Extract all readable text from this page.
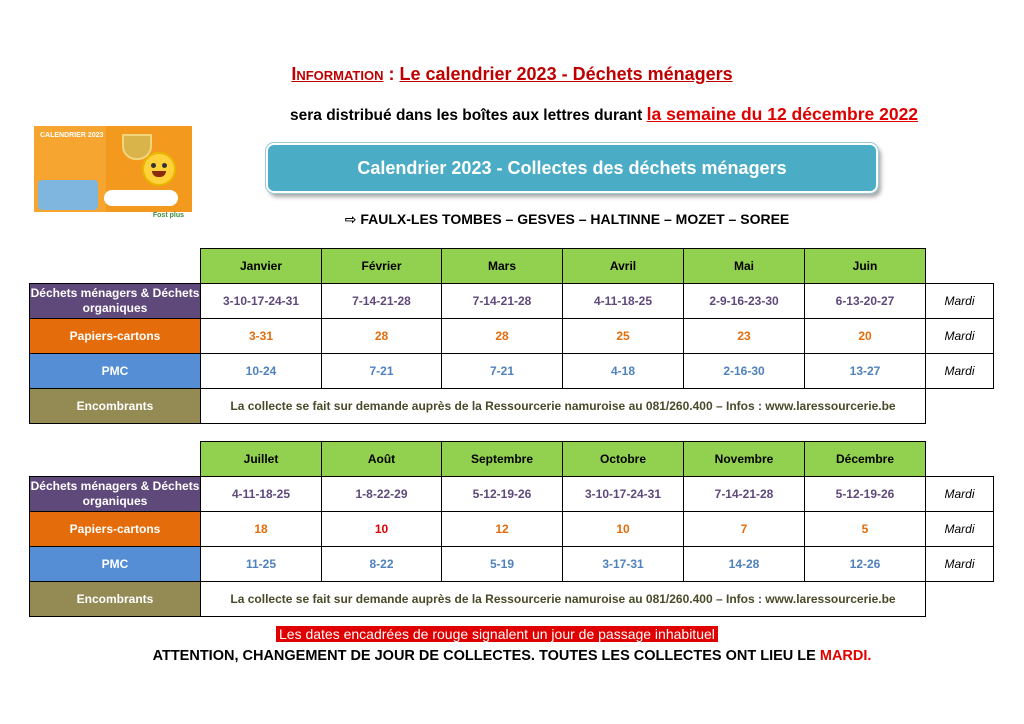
Information : Le calendrier 2023 - Déchets ménagers
sera distribué dans les boîtes aux lettres durant la semaine du 12 décembre 2022
CALENDRIER 2023
Fost plus
Calendrier 2023 - Collectes des déchets ménagers
⇨ FAULX-LES TOMBES – GESVES – HALTINNE – MOZET – SOREE
	Janvier	Février	Mars	Avril	Mai	Juin	
Déchets ménagers & Déchets organiques	3-10-17-24-31	7-14-21-28	7-14-21-28	4-11-18-25	2-9-16-23-30	6-13-20-27	Mardi
Papiers-cartons	3-31	28	28	25	23	20	Mardi
PMC	10-24	7-21	7-21	4-18	2-16-30	13-27	Mardi
Encombrants	La collecte se fait sur demande auprès de la Ressourcerie namuroise au 081/260.400 – Infos : www.laressourcerie.be						
	Juillet	Août	Septembre	Octobre	Novembre	Décembre	
Déchets ménagers & Déchets organiques	4-11-18-25	1-8-22-29	5-12-19-26	3-10-17-24-31	7-14-21-28	5-12-19-26	Mardi
Papiers-cartons	18	10	12	10	7	5	Mardi
PMC	11-25	8-22	5-19	3-17-31	14-28	12-26	Mardi
Encombrants	La collecte se fait sur demande auprès de la Ressourcerie namuroise au 081/260.400 – Infos : www.laressourcerie.be						
Les dates encadrées de rouge signalent un jour de passage inhabituel
ATTENTION, CHANGEMENT DE JOUR DE COLLECTES. TOUTES LES COLLECTES ONT LIEU LE MARDI.
